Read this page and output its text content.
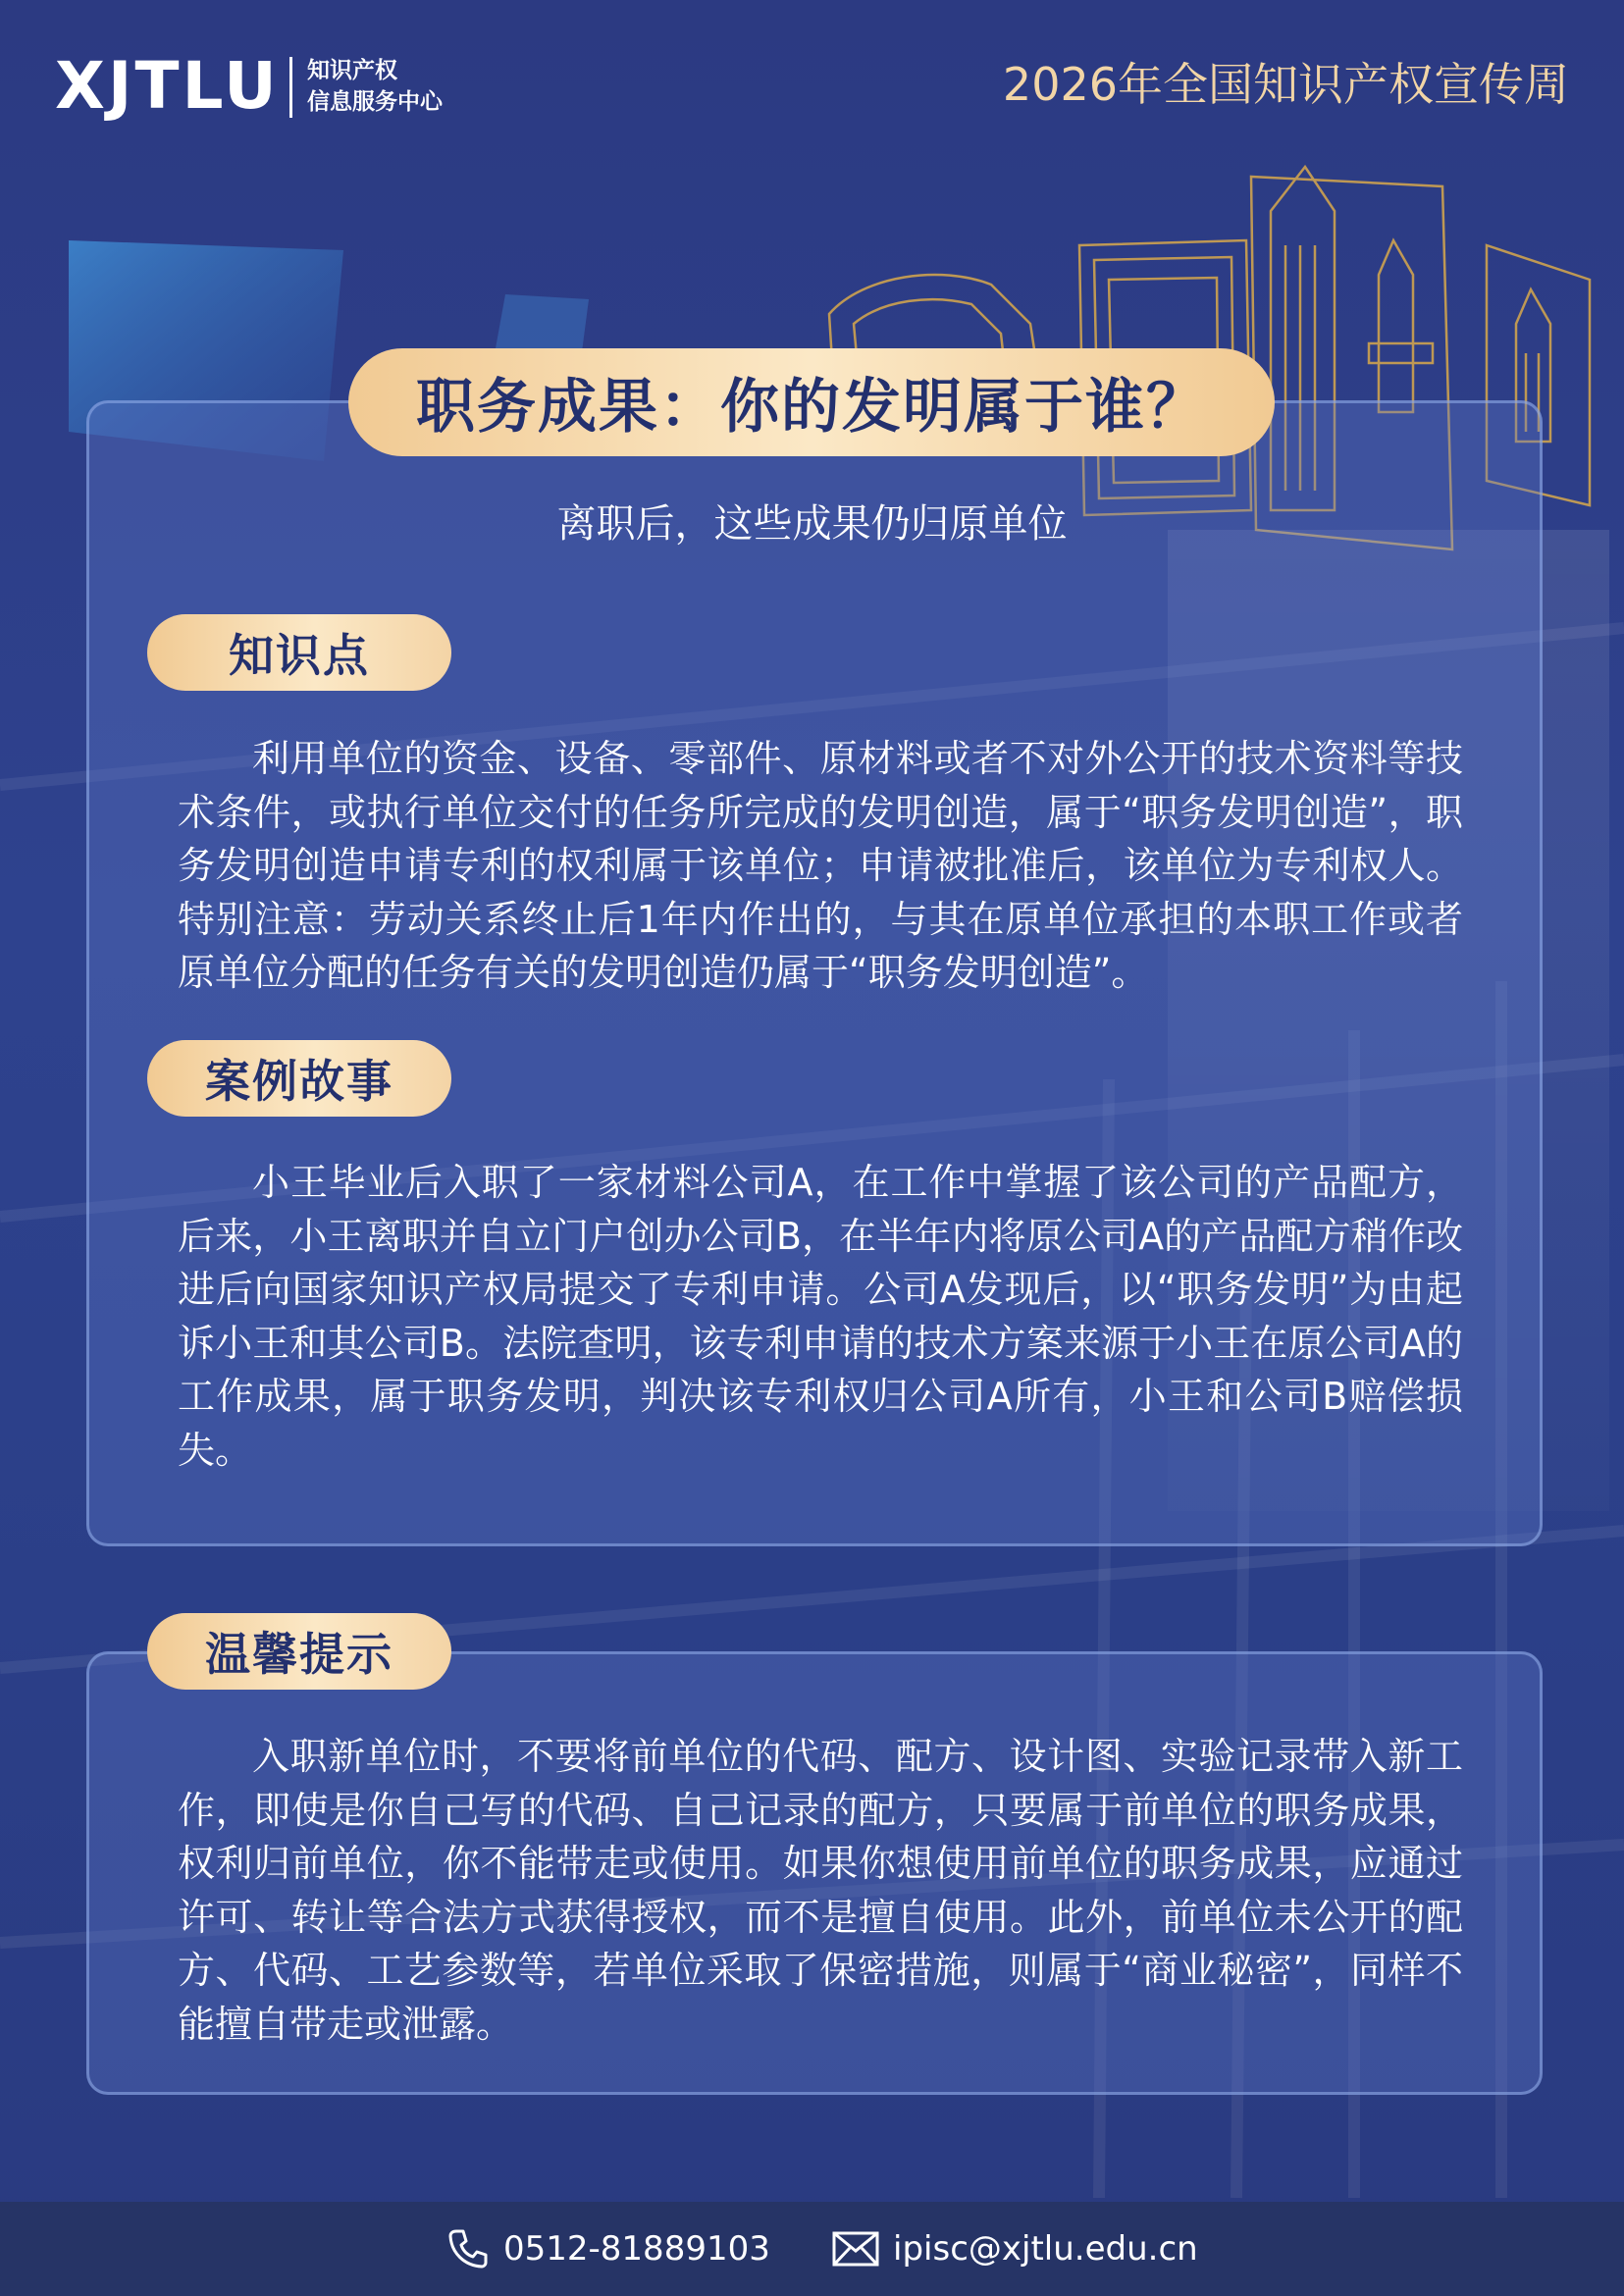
XJTLU 知识产权
信息服务中心	2026年全国知识产权宣传周
职务成果：你的发明属于谁？
离职后，这些成果仍归原单位
知识点
利用单位的资金、设备、零部件、原材料或者不对外公开的技术资料等技术条件，或执行单位交付的任务所完成的发明创造，属于“职务发明创造”，职务发明创造申请专利的权利属于该单位；申请被批准后，该单位为专利权人。特别注意：劳动关系终止后1年内作出的，与其在原单位承担的本职工作或者原单位分配的任务有关的发明创造仍属于“职务发明创造”。
案例故事
小王毕业后入职了一家材料公司A，在工作中掌握了该公司的产品配方，后来，小王离职并自立门户创办公司B，在半年内将原公司A的产品配方稍作改进后向国家知识产权局提交了专利申请。公司A发现后，以“职务发明”为由起诉小王和其公司B。法院查明，该专利申请的技术方案来源于小王在原公司A的工作成果，属于职务发明，判决该专利权归公司A所有，小王和公司B赔偿损失。
温馨提示
入职新单位时，不要将前单位的代码、配方、设计图、实验记录带入新工作，即使是你自己写的代码、自己记录的配方，只要属于前单位的职务成果，权利归前单位，你不能带走或使用。如果你想使用前单位的职务成果，应通过许可、转让等合法方式获得授权，而不是擅自使用。此外，前单位未公开的配方、代码、工艺参数等，若单位采取了保密措施，则属于“商业秘密”，同样不能擅自带走或泄露。
0512-81889103	ipisc@xjtlu.edu.cn
